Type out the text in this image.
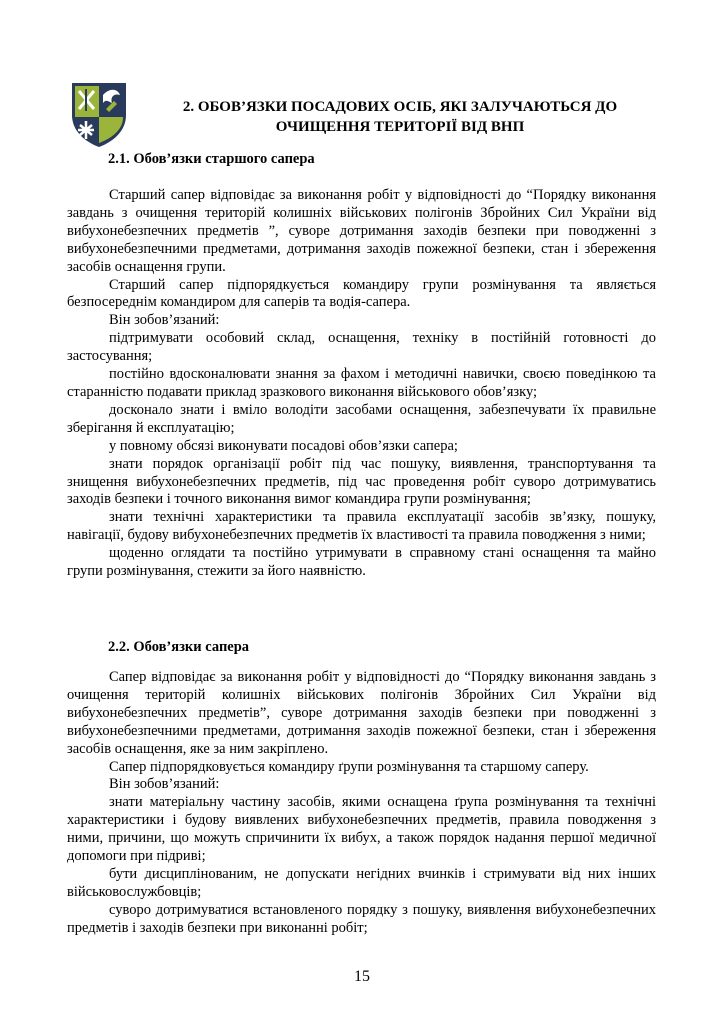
2. ОБОВ’ЯЗКИ ПОСАДОВИХ ОСІБ, ЯКІ ЗАЛУЧАЮТЬСЯ ДО
ОЧИЩЕННЯ ТЕРИТОРІЇ ВІД ВНП
2.1. Обов’язки старшого сапера

Старший сапер відповідає за виконання робіт у відповідності до “Порядку виконання завдань з очищення територій колишніх військових полігонів Збройних Сил України від вибухонебезпечних предметів ”, суворе дотримання заходів безпеки при поводженні з вибухонебезпечними предметами, дотримання заходів пожежної безпеки, стан і збереження засобів оснащення групи.

Старший сапер підпорядкується командиру групи розмінування та являється безпосереднім командиром для саперів та водія-сапера.

Він зобов’язаний:

підтримувати особовий склад, оснащення, техніку в постійній готовності до застосування;

постійно вдосконалювати знання за фахом і методичні навички, своєю поведінкою та старанністю подавати приклад зразкового виконання військового обов’язку;

досконало знати і вміло володіти засобами оснащення, забезпечувати їх правильне зберігання й експлуатацію;

у повному обсязі виконувати посадові обов’язки сапера;

знати порядок організації робіт під час пошуку, виявлення, транспортування та знищення вибухонебезпечних предметів, під час проведення робіт суворо дотримуватись заходів безпеки і точного виконання вимог командира групи розмінування;

знати технічні характеристики та правила експлуатації засобів зв’язку, пошуку, навігації, будову вибухонебезпечних предметів їх властивості та правила поводження з ними;

щоденно оглядати та постійно утримувати в справному стані оснащення та майно групи розмінування, стежити за його наявністю.

2.2. Обов’язки сапера

Сапер відповідає за виконання робіт у відповідності до “Порядку виконання завдань з очищення територій колишніх військових полігонів Збройних Сил України від вибухонебезпечних предметів”, суворе дотримання заходів безпеки при поводженні з вибухонебезпечними предметами, дотримання заходів пожежної безпеки, стан і збереження засобів оснащення, яке за ним закріплено.

Сапер підпорядковується командиру ґрупи розмінування та старшому саперу.

Він зобов’язаний:

знати матеріальну частину засобів, якими оснащена ґрупа розмінування та технічні характеристики і будову виявлених вибухонебезпечних предметів, правила поводження з ними, причини, що можуть спричинити їх вибух, а також порядок надання першої медичної допомоги при підриві;

бути дисциплінованим, не допускати негідних вчинків і стримувати від них інших військовослужбовців;

суворо дотримуватися встановленого порядку з пошуку, виявлення вибухонебезпечних предметів і заходів безпеки при виконанні робіт;

15
